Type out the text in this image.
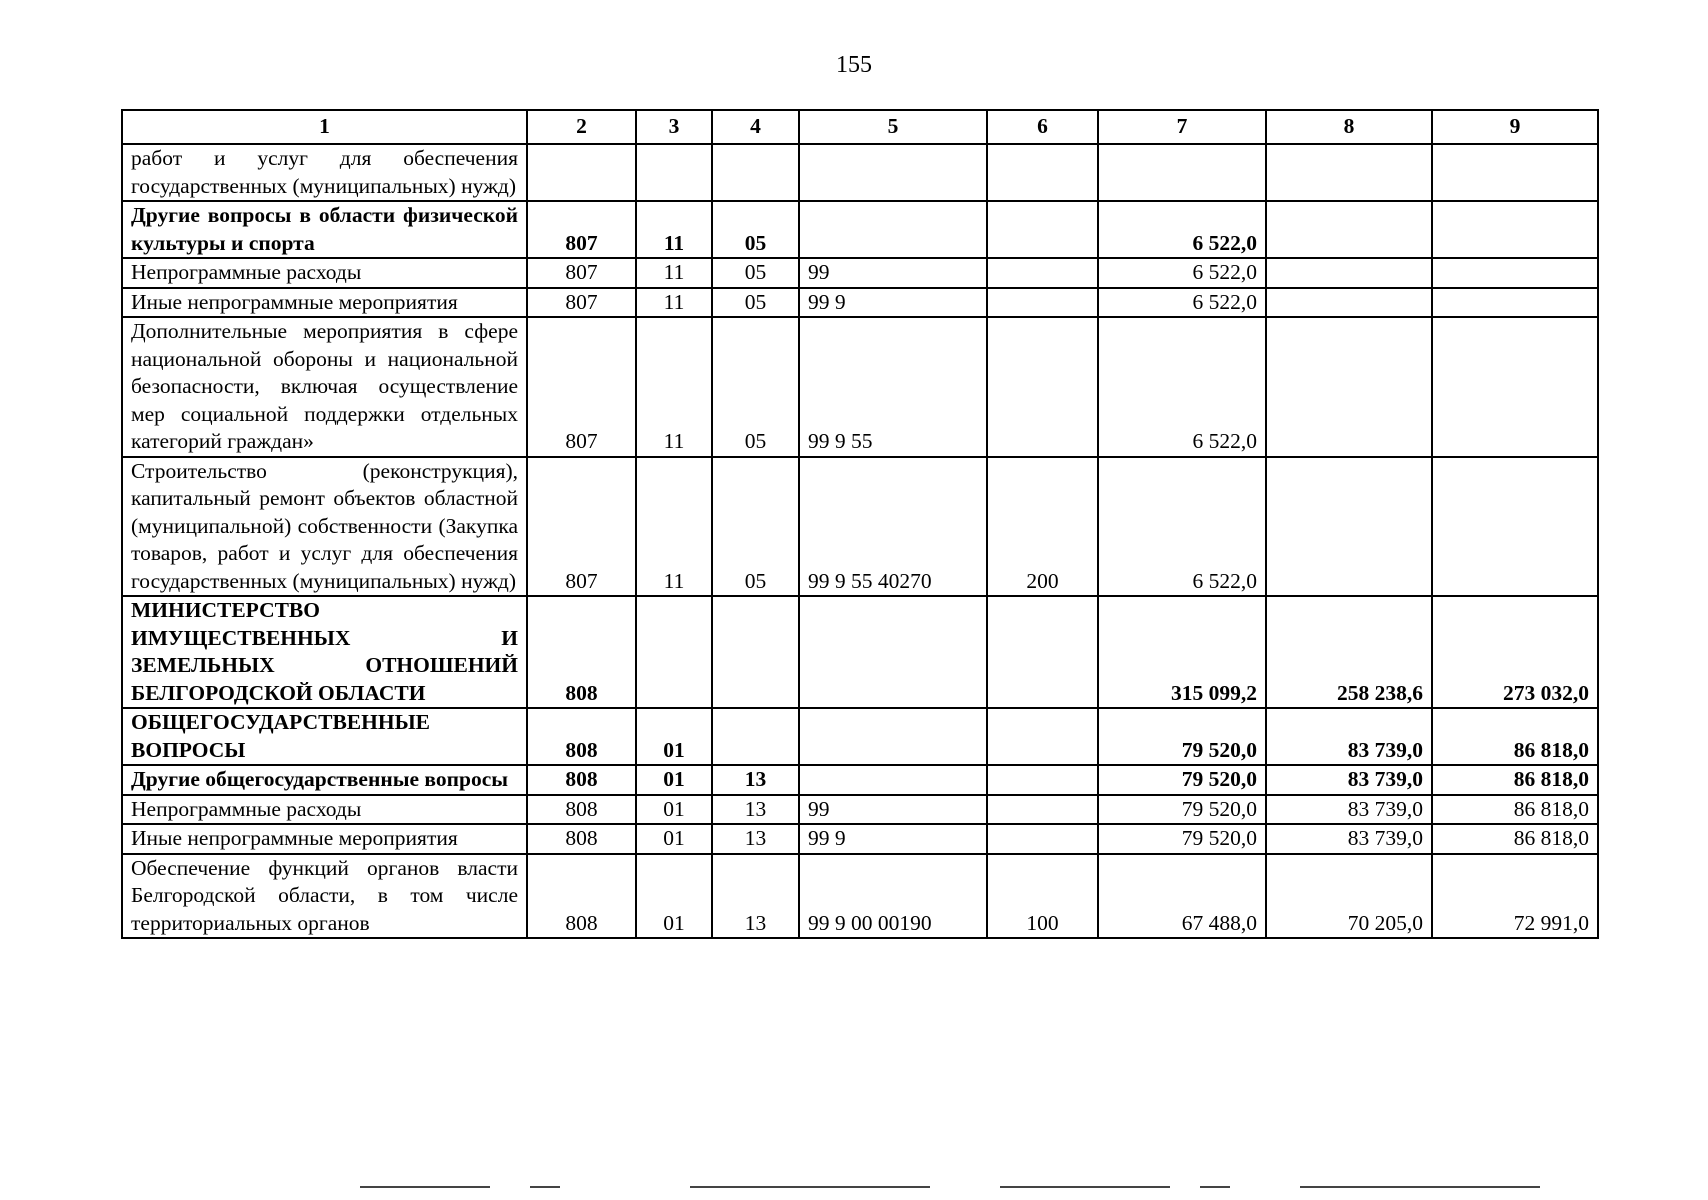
155
1	2	3	4	5	6	7	8	9
работ и услуг для обеспечения государственных (муниципальных) нужд)								
Другие вопросы в области физической культуры и спорта	807	11	05			6 522,0		
Непрограммные расходы	807	11	05	99		6 522,0		
Иные непрограммные мероприятия	807	11	05	99 9		6 522,0		
Дополнительные мероприятия в сфере национальной обороны и национальной безопасности, включая осуществление мер социальной поддержки отдельных категорий граждан»	807	11	05	99 9 55		6 522,0		
Строительство (реконструкция), капитальный ремонт объектов областной (муниципальной) собственности (Закупка товаров, работ и услуг для обеспечения государственных (муниципальных) нужд)	807	11	05	99 9 55 40270	200	6 522,0		
МИНИСТЕРСТВО ИМУЩЕСТВЕННЫХ И ЗЕМЕЛЬНЫХ ОТНОШЕНИЙ БЕЛГОРОДСКОЙ ОБЛАСТИ	808					315 099,2	258 238,6	273 032,0
ОБЩЕГОСУДАРСТВЕННЫЕ ВОПРОСЫ	808	01				79 520,0	83 739,0	86 818,0
Другие общегосударственные вопросы	808	01	13			79 520,0	83 739,0	86 818,0
Непрограммные расходы	808	01	13	99		79 520,0	83 739,0	86 818,0
Иные непрограммные мероприятия	808	01	13	99 9		79 520,0	83 739,0	86 818,0
Обеспечение функций органов власти Белгородской области, в том числе территориальных органов	808	01	13	99 9 00 00190	100	67 488,0	70 205,0	72 991,0
